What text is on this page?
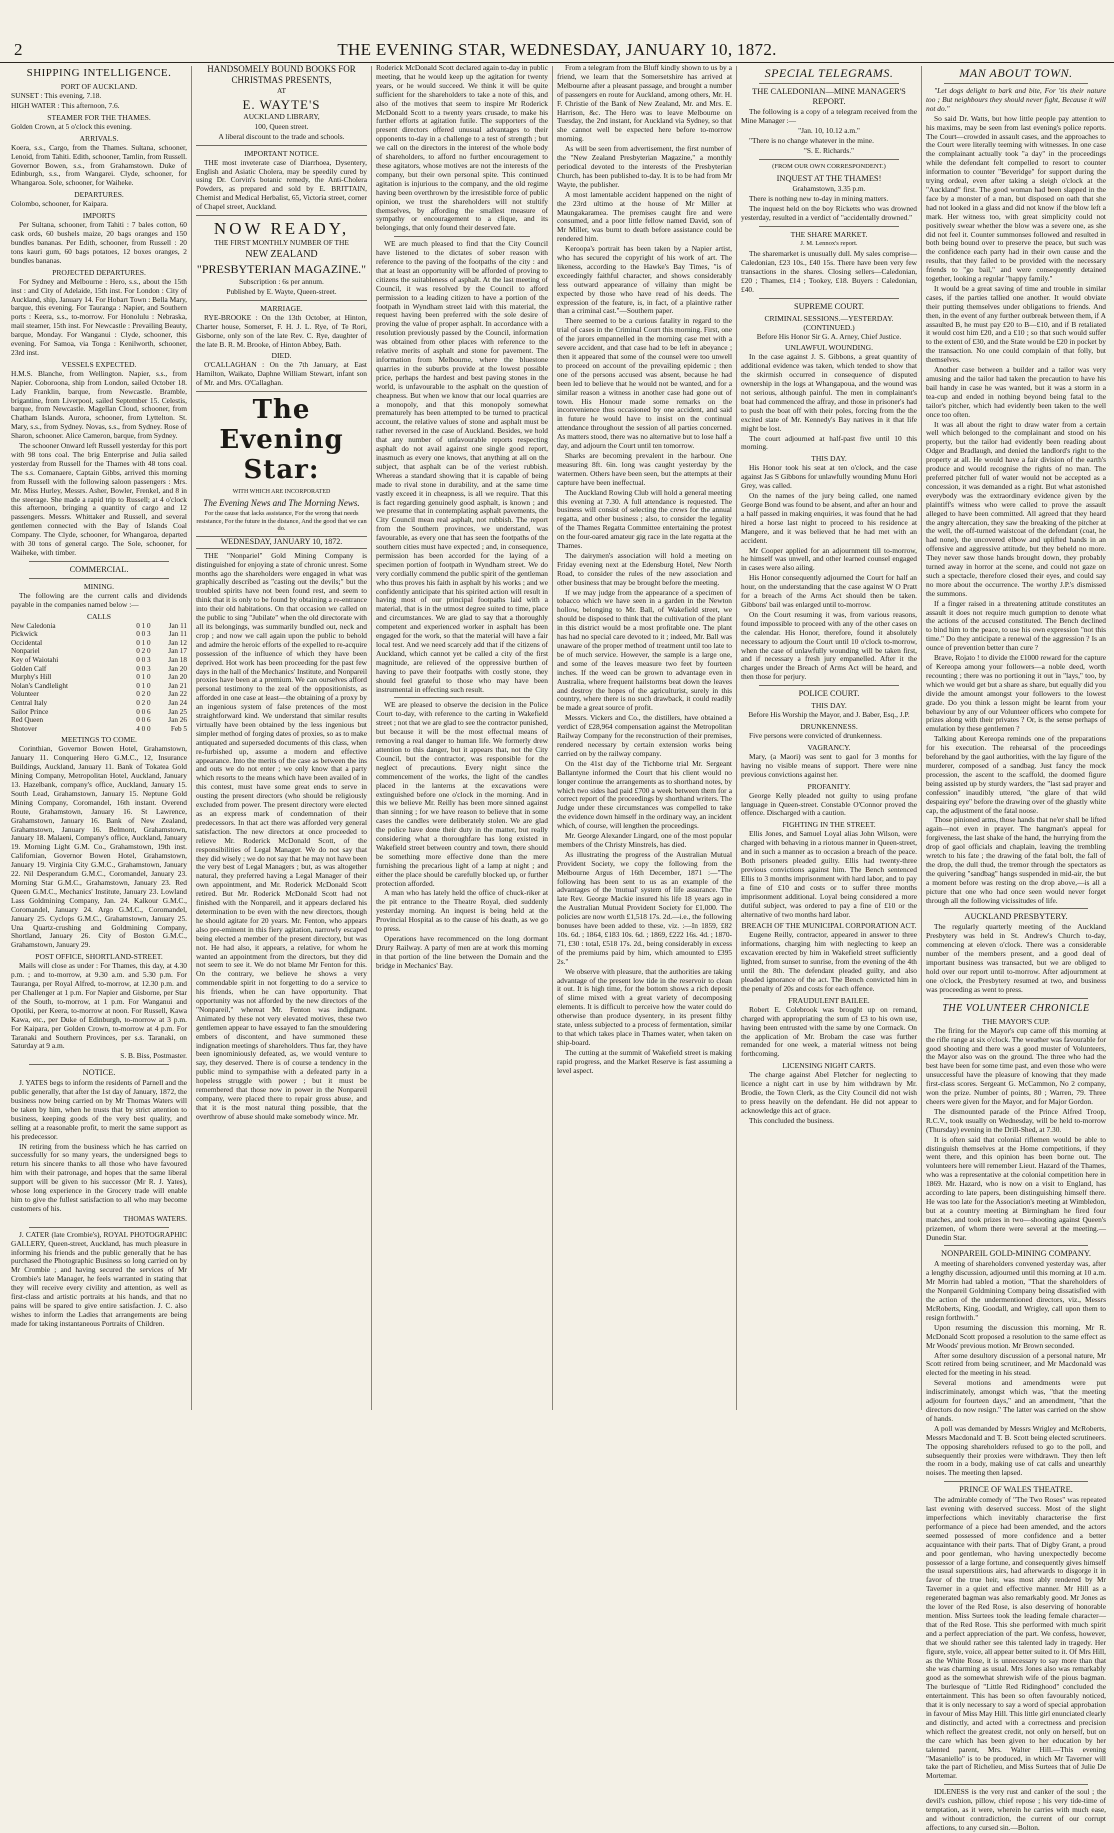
2	THE EVENING STAR, WEDNESDAY, JANUARY 10, 1872.
SHIPPING INTELLIGENCE.
PORT OF AUCKLAND.

SUNSET : This evening, 7.18.

HIGH WATER : This afternoon, 7.6.

STEAMER FOR THE THAMES.

Golden Crown, at 5 o'clock this evening.

ARRIVALS.

Koera, s.s., Cargo, from the Thames. Sultana, schooner, Lenoid, from Tahiti. Edith, schooner, Tamlin, from Russell. Governor Bowen, s.s., from Grahamstown. Duke of Edinburgh, s.s., from Wangarei. Clyde, schooner, for Whangaroa. Sole, schooner, for Waiheke.

DEPARTURES.

Colombo, schooner, for Kaipara.

IMPORTS

Per Sultana, schooner, from Tahiti : 7 bales cotton, 60 cask ords, 60 bushels maize, 20 bags oranges and 150 bundles bananas. Per Edith, schooner, from Russell : 20 tons kauri gum, 60 bags potatoes, 12 boxes oranges, 2 bundles bananas.

PROJECTED DEPARTURES.

For Sydney and Melbourne : Hero, s.s., about the 15th inst : and City of Adelaide, 15th inst. For London : City of Auckland, ship, January 14. For Hobart Town : Bella Mary, barque, this evening. For Tauranga : Napier, and Southern ports : Keera, s.s., to-morrow. For Honolulu : Nebraska, mail steamer, 15th inst. For Newcastle : Prevailing Beauty, barque, Monday. For Wanganui : Clyde, schooner, this evening. For Samoa, via Tonga : Kenilworth, schooner, 23rd inst.

VESSELS EXPECTED.

H.M.S. Blanche, from Wellington. Napier, s.s., from Napier. Coboroona, ship from London, sailed October 18. Lady Franklin, barque, from Newcastle. Bramble, brigantine, from Liverpool, sailed September 15. Celestis, barque, from Newcastle. Magellan Cloud, schooner, from Chatham Islands. Aurora, schooner, from Lyttelton. St. Mary, s.s., from Sydney. Novas, s.s., from Sydney. Rose of Sharon, schooner. Alice Cameron, barque, from Sydney.

The schooner Onward left Russell yesterday for this port with 98 tons coal. The brig Enterprise and Julia sailed yesterday from Russell for the Thames with 48 tons coal. The s.s. Comanaere, Captain Gibbs, arrived this morning from Russell with the following saloon passengers : Mrs. Mr. Miss Hurley, Messrs. Asher, Bowler, Frenkel, and 8 in the steerage. She made a rapid trip to Russell; at 4 o'clock this afternoon, bringing a quantity of cargo and 12 passengers. Messrs. Whittaker and Russell, and several gentlemen connected with the Bay of Islands Coal Company. The Clyde, schooner, for Whangaroa, departed with 30 tons of general cargo. The Sole, schooner, for Waiheke, with timber.

COMMERCIAL.
MINING.

The following are the current calls and dividends payable in the companies named below :—

CALLS
New Caledonia	0 1 0	Jan 11
Pickwick	0 0 3	Jan 11
Occidental	0 1 0	Jan 12
Nonpariel	0 2 0	Jan 17
Key of Waiotahi	0 0 3	Jan 18
Golden Calf	0 0 3	Jan 20
Murphy's Hill	0 1 0	Jan 20
Nolan's Candlelight	0 1 0	Jan 21
Volunteer	0 2 0	Jan 22
Central Italy	0 2 0	Jan 24
Sailor Prince	0 0 6	Jan 25
Red Queen	0 0 6	Jan 26
Shotover	4 0 0	Feb 5
MEETINGS TO COME.

Corinthian, Governor Bowen Hotel, Grahamstown, January 11. Conquering Hero G.M.C., 12, Insurance Buildings, Auckland, January 11. Bank of Tokatea Gold Mining Company, Metropolitan Hotel, Auckland, January 13. Hazelbank, company's office, Auckland, January 15. South Lead, Grahamstown, January 15. Neptune Gold Mining Company, Coromandel, 16th instant. Overend Route, Grahamstown, January 16. St Lawrence, Grahamstown, January 16. Bank of New Zealand, Grahamstown, January 16. Belmont, Grahamstown, January 18. Malaeni, Company's office, Auckland, January 19. Morning Light G.M. Co., Grahamstown, 19th inst. Californian, Governor Bowen Hotel, Grahamstown, January 19. Virginia City G.M.C., Grahamstown, January 22. Nil Desperandum G.M.C., Coromandel, January 23. Morning Star G.M.C., Grahamstown, January 23. Red Queen G.M.C., Mechanics' Institute, January 23. Lowland Lass Goldmining Company, Jan. 24. Kalkour G.M.C., Coromandel, January 24. Argo G.M.C., Coromandel, January 25. Cyclops G.M.C., Grahamstown, January 25. Una Quartz-crushing and Goldmining Company, Shortland, January 26. City of Boston G.M.C., Grahamstown, January 29.

POST OFFICE, SHORTLAND-STREET.

Mails will close as under : For Thames, this day, at 4.30 p.m. ; and to-morrow, at 9.30 a.m. and 5.30 p.m. For Tauranga, per Royal Alfred, to-morrow, at 12.30 p.m. and per Challenger at 1 p.m. For Napier and Gisborne, per Star of the South, to-morrow, at 1 p.m. For Wanganui and Opotiki, per Keera, to-morrow at noon. For Russell, Kawa Kawa, etc., per Duke of Edinburgh, to-morrow at 3 p.m. For Kaipara, per Golden Crown, to-morrow at 4 p.m. For Taranaki and Southern Provinces, per s.s. Taranaki, on Saturday at 9 a.m.

S. B. Biss, Postmaster.

NOTICE.

J. YATES begs to inform the residents of Parnell and the public generally, that after the 1st day of January, 1872, the business now being carried on by Mr Thomas Waters will be taken by him, when he trusts that by strict attention to business, keeping goods of the very best quality, and selling at a reasonable profit, to merit the same support as his predecessor.

IN retiring from the business which he has carried on successfully for so many years, the undersigned begs to return his sincere thanks to all those who have favoured him with their patronage, and hopes that the same liberal support will be given to his successor (Mr R. J. Yates), whose long experience in the Grocery trade will enable him to give the fullest satisfaction to all who may become customers of his.

THOMAS WATERS.

J. CATER (late Crombie's), ROYAL PHOTOGRAPHIC GALLERY, Queen-street, Auckland, has much pleasure in informing his friends and the public generally that he has purchased the Photographic Business so long carried on by Mr Crombie ; and having secured the services of Mr Crombie's late Manager, he feels warranted in stating that they will receive every civility and attention, as well as first-class and artistic portraits at his hands, and that no pains will be spared to give entire satisfaction. J. C. also wishes to inform the Ladies that arrangements are being made for taking instantaneous Portraits of Children.

HANDSOMELY BOUND BOOKS FOR CHRISTMAS PRESENTS,

AT

E. WAYTE'S

AUCKLAND LIBRARY,

100, Queen street.

A liberal discount to the trade and schools.

IMPORTANT NOTICE.

THE most inveterate case of Diarrhoea, Dysentery, English and Asiatic Cholera, may be speedily cured by using Dr. Corvin's botanic remedy, the Anti-Cholera Powders, as prepared and sold by E. BRITTAIN, Chemist and Medical Herbalist, 65, Victoria street, corner of Chapel street, Auckland.

NOW READY,

THE FIRST MONTHLY NUMBER OF THE

NEW ZEALAND

"PRESBYTERIAN MAGAZINE."

Subscription : 6s per annum.

Published by E. Wayte, Queen-street.

MARRIAGE.

RYE-BROOKE : On the 13th October, at Hinton, Charter house, Somerset, F. H. J. L. Rye, of Te Rori, Gisborne, only son of the late Rev. C. Rye, daughter of the late B. R. M. Brooke, of Hinton Abbey, Bath.

DIED.

O'CALLAGHAN : On the 7th January, at East Hamilton, Waikato, Daphne William Stewart, infant son of Mr. and Mrs. O'Callaghan.

The Evening Star:

WITH WHICH ARE INCORPORATED

The Evening News and The Morning News.

For the cause that lacks assistance, For the wrong that needs resistance, For the future in the distance, And the good that we can do.

WEDNESDAY, JANUARY 10, 1872.

THE "Nonpariel" Gold Mining Company is distinguished for enjoying a state of chronic unrest. Some months ago the shareholders were engaged in what was graphically described as "casting out the devils;" but the troubled spirits have not been found rest, and seem to think that it is only to be found by obtaining a re-entrance into their old habitations. On that occasion we called on the public to sing "Jubilate" when the old directorate with all its belongings, was summarily bundled out, neck and crop ; and now we call again upon the public to behold and admire the heroic efforts of the expelled to re-acquire possession of the influence of which they have been deprived. Hot work has been proceeding for the past few days in the hall of the Mechanics' Institute, and Nonpareil proxies have been at a premium. We can ourselves afford personal testimony to the zeal of the oppositionists, as afforded in one case at least—the obtaining of a proxy by an ingenious system of false pretences of the most straightforward kind. We understand that similar results virtually have been obtained by the less ingenious but simpler method of forging dates of proxies, so as to make antiquated and superseded documents of this class, when re-furbished up, assume a modern and effective appearance. Into the merits of the case as between the ins and outs we do not enter ; we only know that a party which resorts to the means which have been availed of in this contest, must have some great ends to serve in ousting the present directors (who should be religiously excluded from power. The present directory were elected as an express mark of condemnation of their predecessors. In that act there was afforded very general satisfaction. The new directors at once proceeded to relieve Mr. Roderick McDonald Scott, of the responsibilities of Legal Manager. We do not say that they did wisely ; we do not say that he may not have been the very best of Legal Managers ; but, as was altogether natural, they preferred having a Legal Manager of their own appointment, and Mr. Roderick McDonald Scott retired. But Mr. Roderick McDonald Scott had not finished with the Nonpareil, and it appears declared his determination to be even with the new directors, though he should agitate for 20 years. Mr. Fenton, who appears also pre-eminent in this fiery agitation, narrowly escaped being elected a member of the present directory, but was not. He had also, it appears, a relative, for whom he wanted an appointment from the directors, but they did not seem to see it. We do not blame Mr Fenton for this. On the contrary, we believe he shows a very commendable spirit in not forgetting to do a service to his friends, when he can have opportunity. That opportunity was not afforded by the new directors of the "Nonpareil," whereat Mr. Fenton was indignant. Animated by these not very elevated motives, these two gentlemen appear to have essayed to fan the smouldering embers of discontent, and have summoned these indignation meetings of shareholders. Thus far, they have been ignominiously defeated, as, we would venture to say, they deserved. There is of course a tendency in the public mind to sympathise with a defeated party in a hopeless struggle with power ; but it must be remembered that those now in power in the Nonpareil company, were placed there to repair gross abuse, and that it is the most natural thing possible, that the overthrow of abuse should make somebody wince. Mr.

Roderick McDonald Scott declared again to-day in public meeting, that he would keep up the agitation for twenty years, or he would succeed. We think it will be quite sufficient for the shareholders to take a note of this, and also of the motives that seem to inspire Mr Roderick McDonald Scott to a twenty years crusade, to make his further efforts at agitation futile. The supporters of the present directors offered unusual advantages to their opponents to-day in a challenge to a test of strength ; but we call on the directors in the interest of the whole body of shareholders, to afford no further encouragement to these agitators, whose motives are not the interests of the company, but their own personal spite. This continued agitation is injurious to the company, and the old regime having been overthrown by the irresistible force of public opinion, we trust the shareholders will not stultify themselves, by affording the smallest measure of sympathy or encouragement to a clique, and its belongings, that only found their deserved fate.

WE are much pleased to find that the City Council have listened to the dictates of sober reason with reference to the paving of the footpaths of the city : and that at least an opportunity will be afforded of proving to citizens the suitableness of asphalt. At the last meeting of Council, it was resolved by the Council to afford permission to a leading citizen to have a portion of the footpath in Wyndham street laid with this material, the request having been preferred with the sole desire of proving the value of proper asphalt. In accordance with a resolution previously passed by the Council, information was obtained from other places with reference to the relative merits of asphalt and stone for pavement. The information from Melbourne, where the bluestone quarries in the suburbs provide at the lowest possible price, perhaps the hardest and best paving stones in the world, is unfavourable to the asphalt on the question of cheapness. But when we know that our local quarries are a monopoly, and that this monopoly somewhat prematurely has been attempted to be turned to practical account, the relative values of stone and asphalt must be rather reversed in the case of Auckland. Besides, we hold that any number of unfavourable reports respecting asphalt do not avail against one single good report, inasmuch as every one knows, that anything at all on the subject, that asphalt can be of the veriest rubbish. Whereas a standard showing that it is capable of being made to rival stone in durability, and at the same time vastly exceed it in cheapness, is all we require. That this is fact regarding genuinely good asphalt, is known ; and we presume that in contemplating asphalt pavements, the City Council mean real asphalt, not rubbish. The report from the Southern provinces, we understand, was favourable, as every one that has seen the footpaths of the southern cities must have expected ; and, in consequence, permission has been accorded for the laying of a specimen portion of footpath in Wyndham street. We do very cordially commend the public spirit of the gentleman who thus proves his faith in asphalt by his works ; and we confidently anticipate that his spirited action will result in having most of our principal footpaths laid with a material, that is in the utmost degree suited to time, place and circumstances. We are glad to say that a thoroughly competent and experienced worker in asphalt has been engaged for the work, so that the material will have a fair local test. And we need scarcely add that if the citizens of Auckland, which cannot yet be called a city of the first magnitude, are relieved of the oppressive burthen of having to pave their footpaths with costly stone, they should feel grateful to those who may have been instrumental in effecting such result.

WE are pleased to observe the decision in the Police Court to-day, with reference to the carting in Wakefield street ; not that we are glad to see the contractor punished, but because it will be the most effectual means of removing a real danger to human life. We formerly drew attention to this danger, but it appears that, not the City Council, but the contractor, was responsible for the neglect of precautions. Every night since the commencement of the works, the light of the candles placed in the lanterns at the excavations were extinguished before one o'clock in the morning. And in this we believe Mr. Reilly has been more sinned against than sinning ; for we have reason to believe that in some cases the candles were deliberately stolen. We are glad the police have done their duty in the matter, but really considering what a thoroughfare has long existed in Wakefield street between country and town, there should be something more effective done than the mere furnishing the precarious light of a lamp at night ; and either the place should be carefully blocked up, or further protection afforded.

A man who has lately held the office of chuck-riker at the pit entrance to the Theatre Royal, died suddenly yesterday morning. An inquest is being held at the Provincial Hospital as to the cause of his death, as we go to press.

Operations have recommenced on the long dormant Drury Railway. A party of men are at work this morning in that portion of the line between the Domain and the bridge in Mechanics' Bay.

From a telegram from the Bluff kindly shown to us by a friend, we learn that the Somersetshire has arrived at Melbourne after a pleasant passage, and brought a number of passengers en route for Auckland, among others, Mr. H. F. Christie of the Bank of New Zealand, Mr. and Mrs. E. Harrison, &c. The Hero was to leave Melbourne on Tuesday, the 2nd instant, for Auckland via Sydney, so that she cannot well be expected here before to-morrow morning.

As will be seen from advertisement, the first number of the "New Zealand Presbyterian Magazine," a monthly periodical devoted to the interests of the Presbyterian Church, has been published to-day. It is to be had from Mr Wayte, the publisher.

A most lamentable accident happened on the night of the 23rd ultimo at the house of Mr Miller at Maungakaramea. The premises caught fire and were consumed, and a poor little fellow named David, son of Mr Miller, was burnt to death before assistance could be rendered him.

Keroopa's portrait has been taken by a Napier artist, who has secured the copyright of his work of art. The likeness, according to the Hawke's Bay Times, "is of exceedingly faithful character, and shows considerably less outward appearance of villainy than might be expected by those who have read of his deeds. The expression of the feature, is, in fact, of a plaintive rather than a criminal cast."—Southern paper.

There seemed to be a curious fatality in regard to the trial of cases in the Criminal Court this morning. First, one of the jurors empannelled in the morning case met with a severe accident, and that case had to be left in abeyance ; then it appeared that some of the counsel were too unwell to proceed on account of the prevailing epidemic ; then one of the persons accused was absent, because he had been led to believe that he would not be wanted, and for a similar reason a witness in another case had gone out of town. His Honour made some remarks on the inconvenience thus occasioned by one accident, and said in future he would have to insist on the continual attendance throughout the session of all parties concerned. As matters stood, there was no alternative but to lose half a day, and adjourn the Court until ten tomorrow.

Sharks are becoming prevalent in the harbour. One measuring 8ft. 6in. long was caught yesterday by the watermen. Others have been seen, but the attempts at their capture have been ineffectual.

The Auckland Rowing Club will hold a general meeting this evening at 7.30. A full attendance is requested. The business will consist of selecting the crews for the annual regatta, and other business ; also, to consider the legality of the Thames Regatta Committee entertaining the protest on the four-oared amateur gig race in the late regatta at the Thames.

The dairymen's association will hold a meeting on Friday evening next at the Edensburg Hotel, New North Road, to consider the rules of the new association and other business that may be brought before the meeting.

If we may judge from the appearance of a specimen of tobacco which we have seen in a garden in the Newton hollow, belonging to Mr. Ball, of Wakefield street, we should be disposed to think that the cultivation of the plant in this district would be a most profitable one. The plant has had no special care devoted to it ; indeed, Mr. Ball was unaware of the proper method of treatment until too late to be of much service. However, the sample is a large one, and some of the leaves measure two feet by fourteen inches. If the weed can be grown to advantage even in Australia, where frequent hailstorms beat down the leaves and destroy the hopes of the agriculturist, surely in this country, where there is no such drawback, it could readily be made a great source of profit.

Messrs. Vickers and Co., the distillers, have obtained a verdict of £28,964 compensation against the Metropolitan Railway Company for the reconstruction of their premises, rendered necessary by certain extension works being carried on by the railway company.

On the 41st day of the Tichborne trial Mr. Sergeant Ballantyne informed the Court that his client would no longer continue the arrangements as to shorthand notes, by which two sides had paid £700 a week between them for a correct report of the proceedings by shorthand writers. The Judge under these circumstances was compelled to take the evidence down himself in the ordinary way, an incident which, of course, will lengthen the proceedings.

Mr. George Alexander Lingard, one of the most popular members of the Christy Minstrels, has died.

As illustrating the progress of the Australian Mutual Provident Society, we copy the following from the Melbourne Argus of 16th December, 1871 :—"The following has been sent to us as an example of the advantages of the 'mutual' system of life assurance. The late Rev. George Mackie insured his life 18 years ago in the Australian Mutual Provident Society for £1,000. The policies are now worth £1,518 17s. 2d.—i.e., the following bonuses have been added to these, viz. :—In 1859, £82 10s. 6d. ; 1864, £183 10s. 6d. ; 1869, £222 16s. 4d. ; 1870-71, £30 : total, £518 17s. 2d., being considerably in excess of the premiums paid by him, which amounted to £395 2s."

We observe with pleasure, that the authorities are taking advantage of the present low tide in the reservoir to clean it out. It is high time, for the bottom shows a rich deposit of slime mixed with a great variety of decomposing elements. It is difficult to perceive how the water could do otherwise than produce dysentery, in its present filthy state, unless subjected to a process of fermentation, similar to that which takes place in Thames water, when taken on ship-board.

The cutting at the summit of Wakefield street is making rapid progress, and the Market Reserve is fast assuming a level aspect.

SPECIAL TELEGRAMS.
THE CALEDONIAN—MINE MANAGER'S REPORT.

The following is a copy of a telegram received from the Mine Manager :—

"Jan. 10, 10.12 a.m."

"There is no change whatever in the mine.

"S. E. Richards."

(FROM OUR OWN CORRESPONDENT.)

INQUEST AT THE THAMES!

Grahamstown, 3.35 p.m.

There is nothing new to-day in mining matters.

The inquest held on the boy Ricketts who was drowned yesterday, resulted in a verdict of "accidentally drowned."

THE SHARE MARKET.

J. M. Lennox's report.

The sharemarket is unusually dull. My sales comprise—Caledonian, £23 10s., £40 15s. There have been very few transactions in the shares. Closing sellers—Caledonian, £20 ; Thames, £14 ; Tookey, £18. Buyers : Caledonian, £40.

SUPREME COURT.
CRIMINAL SESSIONS.—YESTERDAY. (CONTINUED.)

Before His Honor Sir G. A. Arney, Chief Justice.

UNLAWFUL WOUNDING.

In the case against J. S. Gibbons, a great quantity of additional evidence was taken, which tended to show that the skirmish occurred in consequence of disputed ownership in the logs at Whangapoua, and the wound was not serious, although painful. The men in complainant's boat had commenced the affray, and those in prisoner's had to push the boat off with their poles, forcing from the the excited state of Mr. Kennedy's Bay natives in it that life might be lost.

The court adjourned at half-past five until 10 this morning.

THIS DAY.

His Honor took his seat at ten o'clock, and the case against Jas S Gibbons for unlawfully wounding Munu Hori Grey, was called.

On the names of the jury being called, one named George Bond was found to be absent, and after an hour and a half passed in making enquiries, it was found that he had hired a horse last night to proceed to his residence at Mangere, and it was believed that he had met with an accident.

Mr Cooper applied for an adjournment till to-morrow, he himself was unwell, and other learned counsel engaged in cases were also ailing.

His Honor consequently adjourned the Court for half an hour, on the understanding that the case against W O Pratt for a breach of the Arms Act should then be taken. Gibbons' bail was enlarged until to-morrow.

On the Court resuming it was, from various reasons, found impossible to proceed with any of the other cases on the calendar. His Honor, therefore, found it absolutely necessary to adjourn the Court until 10 o'clock to-morrow, when the case of unlawfully wounding will be taken first, and if necessary a fresh jury empanelled. After it the charges under the Breach of Arms Act will be heard, and then those for perjury.

POLICE COURT.
THIS DAY.

Before His Worship the Mayor, and J. Baber, Esq., J.P.

DRUNKENNESS.

Five persons were convicted of drunkenness.

VAGRANCY.

Mary, (a Maori) was sent to gaol for 3 months for having no visible means of support. There were nine previous convictions against her.

PROFANITY.

George Kelly pleaded not guilty to using profane language in Queen-street. Constable O'Connor proved the offence. Discharged with a caution.

FIGHTING IN THE STREET.

Ellis Jones, and Samuel Loyal alias John Wilson, were charged with behaving in a riotous manner in Queen-street, and in such a manner as to occasion a breach of the peace. Both prisoners pleaded guilty. Ellis had twenty-three previous convictions against him. The Bench sentenced Ellis to 3 months imprisonment with hard labor, and to pay a fine of £10 and costs or to suffer three months imprisonment additional. Loyal being considered a more dutiful subject, was ordered to pay a fine of £10 or the alternative of two months hard labor.

BREACH OF THE MUNICIPAL CORPORATION ACT.

Eugene Reilly, contractor, appeared in answer to three informations, charging him with neglecting to keep an excavation erected by him in Wakefield street sufficiently lighted, from sunset to sunrise, from the evening of the 4th until the 8th. The defendant pleaded guilty, and also pleaded ignorance of the act. The Bench convicted him in the penalty of 20s and costs for each offence.

FRAUDULENT BAILEE.

Robert E. Colebrook was brought up on remand, charged with appropriating the sum of £3 to his own use, having been entrusted with the same by one Cormack. On the application of Mr. Brobam the case was further remanded for one week, a material witness not being forthcoming.

LICENSING NIGHT CARTS.

The charge against Abel Fletcher for neglecting to licence a night cart in use by him withdrawn by Mr. Brodie, the Town Clerk, as the City Council did not wish to press heavily on the defendant. He did not appear to acknowledge this act of grace.

This concluded the business.

MAN ABOUT TOWN.

"Let dogs delight to bark and bite, For 'tis their nature too ; But neighbours they should never fight, Because it will not do."

So said Dr. Watts, but how little people pay attention to his maxims, may be seen from last evening's police reports. The Court—crowded in assault cases, and the approaches to the Court were literally teeming with witnesses. In one case the complainant actually took "a day" in the proceedings while the defendant felt compelled to resort to counter information to counter "Beveridge" for support during the trying ordeal, even after taking a sleigh o'clock at the "Auckland" first. The good woman had been slapped in the face by a monster of a man, but disposed on oath that she had not looked in a glass and did not know if the blow left a mark. Her witness too, with great simplicity could not positively swear whether the blow was a severe one, as she did not feel it. Counter summonses followed and resulted in both being bound over to preserve the peace, but such was the confidence each party had in their own cause and the results, that they failed to be provided with the necessary friends to "go bail," and were consequently detained together, looking a regular "happy family."

It would be a great saving of time and trouble in similar cases, if the parties tallied one another. It would obviate their putting themselves under obligations to friends. And then, in the event of any further outbreak between them, if A assaulted B, he must pay £20 to B—£10, and if B retaliated it would cost him £20, and a £10 ; so that such would suffer to the extent of £30, and the State would be £20 in pocket by the transaction. No one could complain of that folly, but themselves.

Another case between a builder and a tailor was very amusing and the tailor had taken the precaution to have his bail handy in case he was wanted, but it was a storm in a tea-cup and ended in nothing beyond being fatal to the tailor's pitcher, which had evidently been taken to the well once too often.

It was all about the right to draw water from a certain well which belonged to the complainant and stood on his property, but the tailor had evidently been reading about Odger and Bradlaugh, and denied the landlord's right to the property at all. He would have a fair division of the earth's produce and would recognise the rights of no man. The preferred pitcher full of water would not be accepted as a concession, it was demanded as a right. But what astonished everybody was the extraordinary evidence given by the plaintiff's witness who were called to prove the assault alleged to have been committed. All agreed that they heard the angry altercation, they saw the breaking of the pitcher at the well, the off-turned waistcoat of the defendant (coat, he had none), the uncovered elbow and uplifted hands in an offensive and aggressive attitude, but they beheld no more. They never saw those hands brought down, they probably turned away in horror at the scene, and could not gaze on such a spectacle, therefore closed their eyes, and could say no more about the occurrence. The worthy J.P.'s dismissed the summons.

If a finger raised in a threatening attitude constitutes an assault it does not require much gumption to denote what the actions of the accused constituted. The Bench declined to bind him to the peace, to use his own expression "not this time." Do they anticipate a renewal of the aggression ? Is an ounce of prevention better than cure ?

Brave, Rojato ! to divide the £1000 reward for the capture of Kereopa among your followers—a noble deed, worth recounting ; there was no portioning it out in "lays," too, by which we would get but a share as share, but equally did you divide the amount amongst your followers to the lowest grade. Do you think a lesson might be learnt from your behaviour by any of our Volunteer officers who compete for prizes along with their privates ? Or, is the sense perhaps of emulation by these gentlemen ?

Talking about Kereopa reminds one of the preparations for his execution. The rehearsal of the proceedings beforehand by the gaol authorities, with the lay figure of the murderer, composed of a sandbag. Just fancy the mock procession, the ascent to the scaffold, the doomed figure being assisted up by sturdy warders, the "last sad prayer and confession" inaudibly uttered, "the glare of that wild despairing eye" before the drawing over of the ghastly white cap, the adjustment of the fatal noose.

Those pinioned arms, those hands that ne'er shall be lifted again—not even in prayer. The hangman's appeal for forgiveness, the last shake of the hand, the hurrying from the drop of gaol officials and chaplain, leaving the trembling wretch to his fate ; the drawing of the fatal bolt, the fall of the drop, the dull thud, the tremor through the spectators as the quivering "sandbag" hangs suspended in mid-air, the but a moment before was resting on the drop above,—is all a picture that one who had once seen would never forget through all the following vicissitudes of life.

AUCKLAND PRESBYTERY.

The regularly quarterly meeting of the Auckland Presbytery was held in St. Andrew's Church to-day, commencing at eleven o'clock. There was a considerable number of the members present, and a good deal of important business was transacted, but we are obliged to hold over our report until to-morrow. After adjournment at one o'clock, the Presbytery resumed at two, and business was proceeding as went to press.

THE VOLUNTEER CHRONICLE
THE MAYOR'S CUP.

The firing for the Mayor's cup came off this morning at the rifle range at six o'clock. The weather was favourable for good shooting and there was a good muster of Volunteers, the Mayor also was on the ground. The three who had the best have been for some time past, and even those who were unsuccessful have the pleasure of knowing that they made first-class scores. Sergeant G. McCammon, No 2 company, won the prize. Number of points, 80 ; Warren, 79. Three cheers were given for the Mayor, and for Major Gordon.

The dismounted parade of the Prince Alfred Troop, R.C.V., took usually on Wednesday, will be held to-morrow (Thursday) evening in the Drill-Shed, at 7.30.

It is often said that colonial riflemen would be able to distinguish themselves at the Home competitions, if they went there, and this opinion has been borne out. The volunteers here will remember Lieut. Hazard of the Thames, who was a representative at the colonial competition here in 1869. Mr. Hazard, who is now on a visit to England, has according to late papers, been distinguishing himself there. He was too late for the Association's meeting at Wimbledon, but at a country meeting at Birmingham he fired four matches, and took prizes in two—shooting against Queen's prizemen, of whom there were several at the meeting.—Dunedin Star.

NONPAREIL GOLD-MINING COMPANY.

A meeting of shareholders convened yesterday was, after a lengthy discussion, adjourned until this morning at 10 a.m. Mr Morrin had tabled a motion, "That the shareholders of the Nonpareil Goldmining Company being dissatisfied with the action of the undermentioned directors, viz., Messrs McRoberts, King, Goodall, and Wrigley, call upon them to resign forthwith."

Upon resuming the discussion this morning, Mr R. McDonald Scott proposed a resolution to the same effect as Mr Woods' previous motion. Mr Brown seconded.

After some desultory discussion of a personal nature, Mr Scott retired from being scrutineer, and Mr Macdonald was elected for the meeting in his stead.

Several motions and amendments were put indiscriminately, amongst which was, "that the meeting adjourn for fourteen days," and an amendment, "that the directors do now resign." The latter was carried on the show of hands.

A poll was demanded by Messrs Wrigley and McRoberts, Messrs Macdonald and T. B. Scott being elected scrutineers. The opposing shareholders refused to go to the poll, and subsequently their proxies were withdrawn. They then left the room in a body, making use of cat calls and unearthly noises. The meeting then lapsed.

PRINCE OF WALES THEATRE.

The admirable comedy of "The Two Roses" was repeated last evening with deserved success. Most of the slight imperfections which inevitably characterise the first performance of a piece had been amended, and the actors seemed possessed of more confidence and a better acquaintance with their parts. That of Digby Grant, a proud and poor gentleman, who having unexpectedly become possessor of a large fortune, and consequently gives himself the usual superstitious airs, had afterwards to disgorge it in favor of the true heir, was most ably rendered by Mr Taverner in a quiet and effective manner. Mr Hill as a regenerated bagman was also remarkably good. Mr Jones as the lover of the Red Rose, is also deserving of honorable mention. Miss Surtees took the leading female character—that of the Red Rose. This she performed with much spirit and a perfect appreciation of the part. We confess, however, that we should rather see this talented lady in tragedy. Her figure, style, voice, all appear better suited to it. Of Mrs Hill, as the White Rose, it is unnecessary to say more than that she was charming as usual. Mrs Jones also was remarkably good as the somewhat shrewish wife of the pious bagman. The burlesque of "Little Red Ridinghood" concluded the entertainment. This has been so often favourably noticed, that it is only necessary to say a word of special approbation in favour of Miss May Hill. This little girl enunciated clearly and distinctly, and acted with a correctness and precision which reflect the greatest credit, not only on herself, but on the care which has been given to her education by her talented parent, Mrs. Walter Hill.—This evening "Masaniello" is to be produced, in which Mr Taverner will take the part of Richelieu, and Miss Surtees that of Julie De Mortemar.

IDLENESS is the very rust and canker of the soul ; the devil's cushion, pillow, chief repose ; his very tide-time of temptation, as it were, wherein he carries with much ease, and without contradiction, the current of our corrupt affections, to any cursed sin.—Bolton.
